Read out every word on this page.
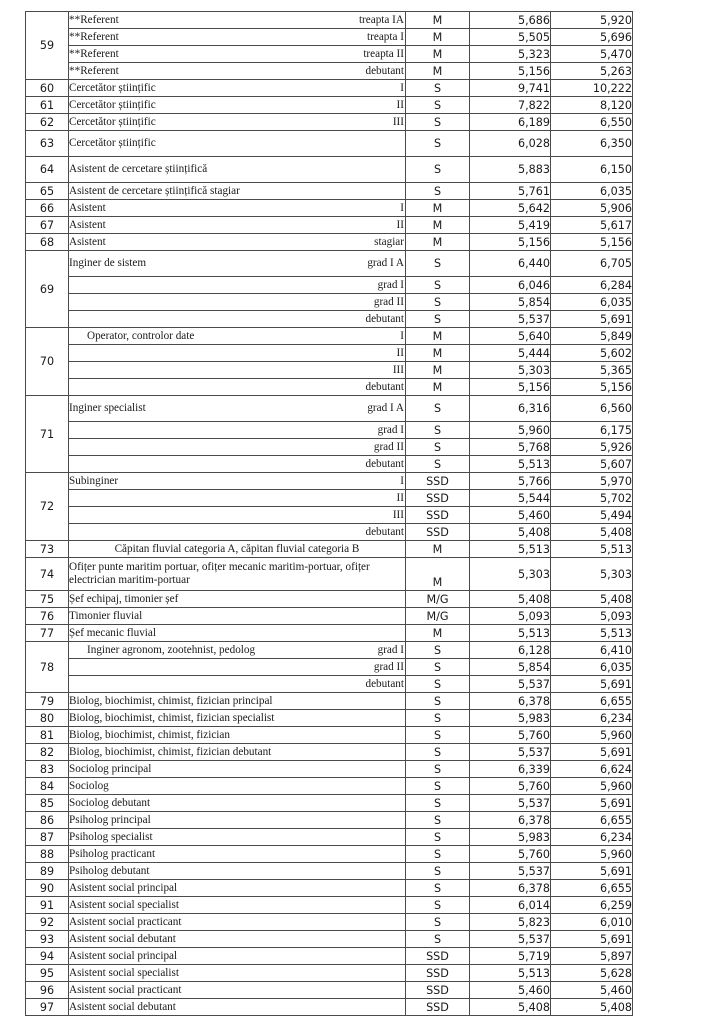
59	**Referent treapta IA	M	5,686	5,920

	**Referent treapta I	M	5,505	5,696

	**Referent treapta II	M	5,323	5,470

	**Referent debutant	M	5,156	5,263
60	Cercetător științific I	S	9,741	10,222
61	Cercetător științific II	S	7,822	8,120
62	Cercetător științific III	S	6,189	6,550
63	Cercetător științific	S	6,028	6,350
64	Asistent de cercetare științifică	S	5,883	6,150
65	Asistent de cercetare științifică stagiar	S	5,761	6,035
66	Asistent I	M	5,642	5,906
67	Asistent II	M	5,419	5,617
68	Asistent stagiar	M	5,156	5,156
69	Inginer de sistem grad I A	S	6,440	6,705

	grad I	S	6,046	6,284

	grad II	S	5,854	6,035

	debutant	S	5,537	5,691
70	Operator, controlor date I	M	5,640	5,849

	II	M	5,444	5,602

	III	M	5,303	5,365

	debutant	M	5,156	5,156
71	Inginer specialist grad I A	S	6,316	6,560

	grad I	S	5,960	6,175

	grad II	S	5,768	5,926

	debutant	S	5,513	5,607
72	Subinginer I	SSD	5,766	5,970

	II	SSD	5,544	5,702

	III	SSD	5,460	5,494

	debutant	SSD	5,408	5,408
73	Căpitan fluvial categoria A, căpitan fluvial categoria B	M	5,513	5,513
74	Ofițer punte maritim portuar, ofițer mecanic maritim-portuar, ofițer electrician maritim-portuar	M	5,303	5,303
75	Șef echipaj, timonier șef	M/G	5,408	5,408
76	Timonier fluvial	M/G	5,093	5,093
77	Șef mecanic fluvial	M	5,513	5,513
78	Inginer agronom, zootehnist, pedolog grad I	S	6,128	6,410

	grad II	S	5,854	6,035

	debutant	S	5,537	5,691
79	Biolog, biochimist, chimist, fizician principal	S	6,378	6,655
80	Biolog, biochimist, chimist, fizician specialist	S	5,983	6,234
81	Biolog, biochimist, chimist, fizician	S	5,760	5,960
82	Biolog, biochimist, chimist, fizician debutant	S	5,537	5,691
83	Sociolog principal	S	6,339	6,624
84	Sociolog	S	5,760	5,960
85	Sociolog debutant	S	5,537	5,691
86	Psiholog principal	S	6,378	6,655
87	Psiholog specialist	S	5,983	6,234
88	Psiholog practicant	S	5,760	5,960
89	Psiholog debutant	S	5,537	5,691
90	Asistent social principal	S	6,378	6,655
91	Asistent social specialist	S	6,014	6,259
92	Asistent social practicant	S	5,823	6,010
93	Asistent social debutant	S	5,537	5,691
94	Asistent social principal	SSD	5,719	5,897
95	Asistent social specialist	SSD	5,513	5,628
96	Asistent social practicant	SSD	5,460	5,460
97	Asistent social debutant	SSD	5,408	5,408
